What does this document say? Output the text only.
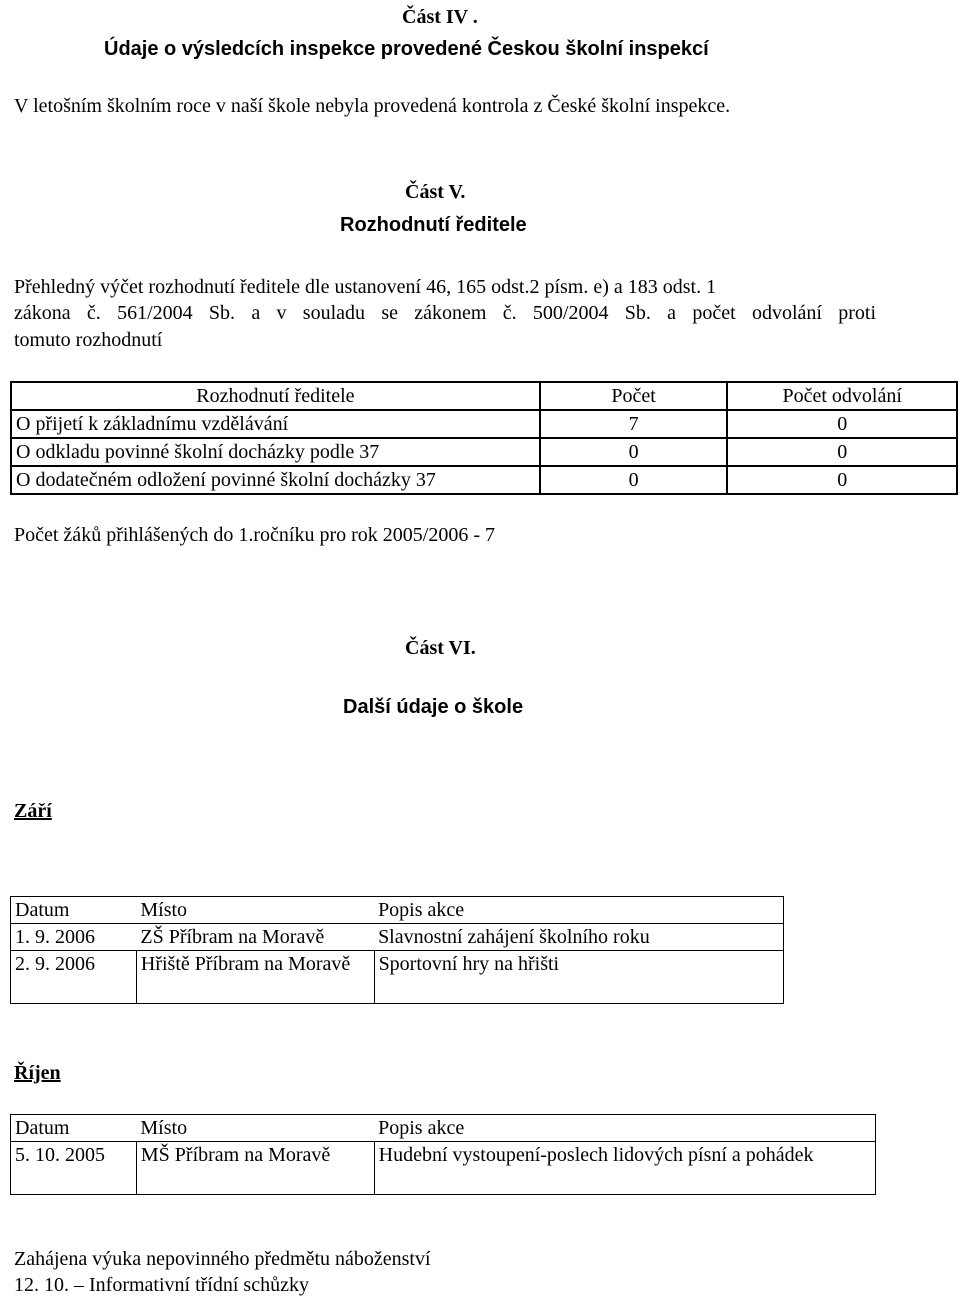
Část IV .
Údaje o výsledcích inspekce provedené Českou školní inspekcí
V letošním školním roce v naší škole nebyla provedená kontrola z České školní inspekce.
Část V.
Rozhodnutí ředitele
Přehledný výčet rozhodnutí ředitele dle ustanovení 46, 165 odst.2 písm. e) a 183 odst. 1
zákona č. 561/2004 Sb. a v souladu se zákonem č. 500/2004 Sb. a počet odvolání proti
tomuto rozhodnutí
Rozhodnutí ředitele	Počet	Počet odvolání
O přijetí k základnímu vzdělávání	7	0
O odkladu povinné školní docházky podle 37	0	0
O dodatečném odložení povinné školní docházky 37	0	0
Počet žáků přihlášených do 1.ročníku pro rok 2005/2006 - 7
Část VI.
Další údaje o škole
Září
Datum	Místo	Popis akce
1. 9. 2006	ZŠ Příbram na Moravě	Slavnostní zahájení školního roku
2. 9. 2006	Hřiště Příbram na Moravě	Sportovní hry na hřišti
Říjen
Datum	Místo	Popis akce
5. 10. 2005	MŠ Příbram na Moravě	Hudební vystoupení-poslech lidových písní a pohádek
Zahájena výuka nepovinného předmětu náboženství
12. 10. – Informativní třídní schůzky
